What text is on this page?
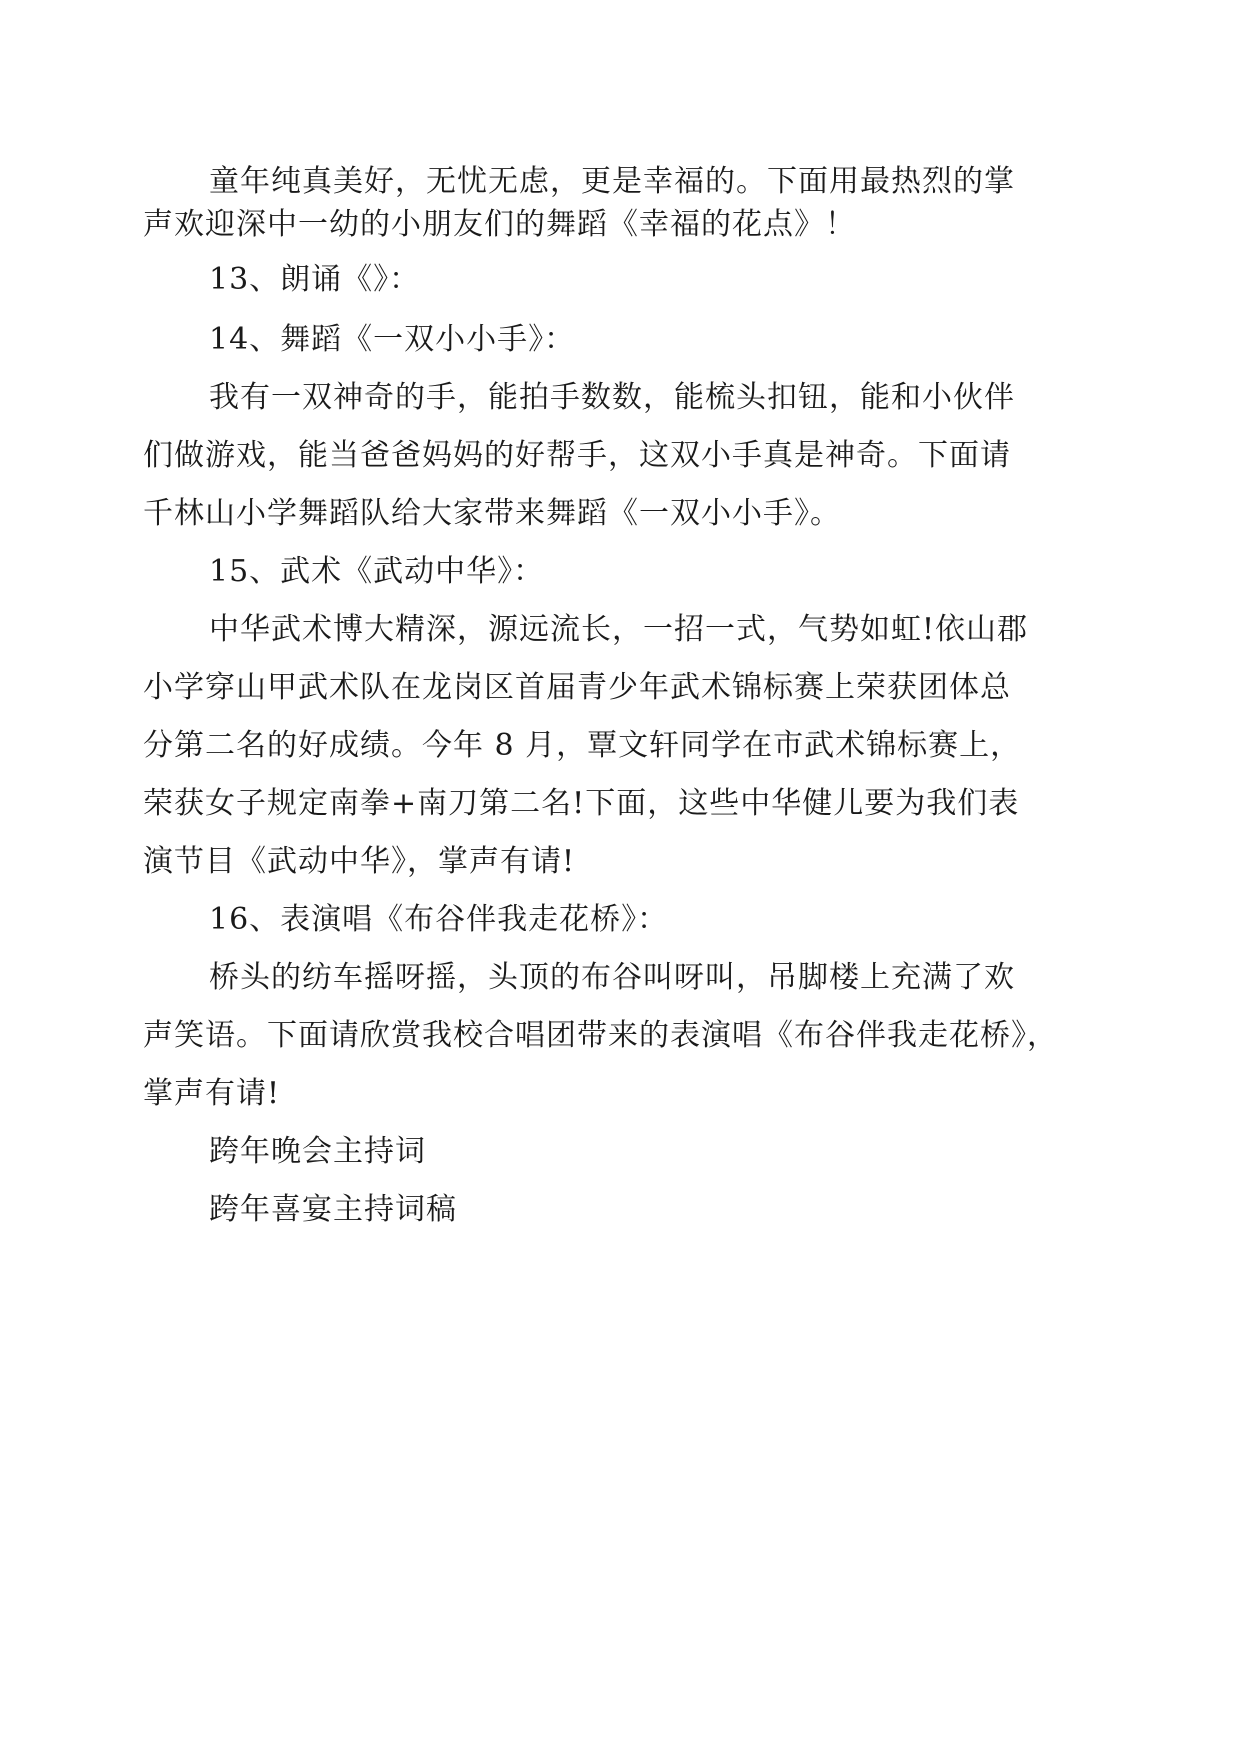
童年纯真美好，无忧无虑，更是幸福的。下面用最热烈的掌
声欢迎深中一幼的小朋友们的舞蹈《幸福的花点》！
13、朗诵《》：
14、舞蹈《一双小小手》：
我有一双神奇的手，能拍手数数，能梳头扣钮，能和小伙伴
们做游戏，能当爸爸妈妈的好帮手，这双小手真是神奇。下面请
千林山小学舞蹈队给大家带来舞蹈《一双小小手》。
15、武术《武动中华》：
中华武术博大精深，源远流长，一招一式，气势如虹!依山郡
小学穿山甲武术队在龙岗区首届青少年武术锦标赛上荣获团体总
分第二名的好成绩。今年 8 月，覃文轩同学在市武术锦标赛上，
荣获女子规定南拳+南刀第二名!下面，这些中华健儿要为我们表
演节目《武动中华》，掌声有请!
16、表演唱《布谷伴我走花桥》：
桥头的纺车摇呀摇，头顶的布谷叫呀叫，吊脚楼上充满了欢
声笑语。下面请欣赏我校合唱团带来的表演唱《布谷伴我走花桥》，
掌声有请!
跨年晚会主持词
跨年喜宴主持词稿
